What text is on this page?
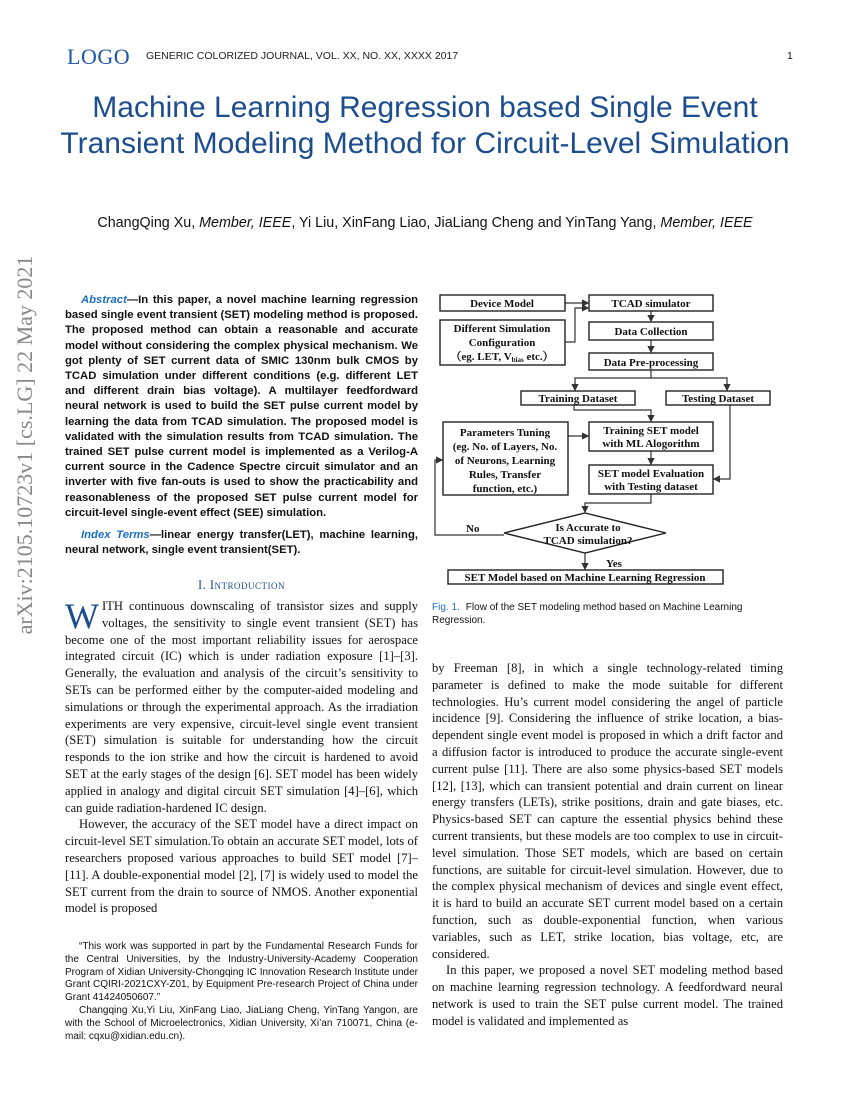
LOGO GENERIC COLORIZED JOURNAL, VOL. XX, NO. XX, XXXX 2017	1
Machine Learning Regression based Single Event Transient Modeling Method for Circuit-Level Simulation
ChangQing Xu, Member, IEEE, Yi Liu, XinFang Liao, JiaLiang Cheng and YinTang Yang, Member, IEEE
arXiv:2105.10723v1 [cs.LG] 22 May 2021	Abstract—In this paper, a novel machine learning regression based single event transient (SET) modeling method is proposed. The proposed method can obtain a reasonable and accurate model without considering the complex physical mechanism. We got plenty of SET current data of SMIC 130nm bulk CMOS by TCAD simulation under different conditions (e.g. different LET and different drain bias voltage). A multilayer feedfordward neural network is used to build the SET pulse current model by learning the data from TCAD simulation. The proposed model is validated with the simulation results from TCAD simulation. The trained SET pulse current model is implemented as a Verilog-A current source in the Cadence Spectre circuit simulator and an inverter with five fan-outs is used to show the practicability and reasonableness of the proposed SET pulse current model for circuit-level single-event effect (SEE) simulation.

Index Terms—linear energy transfer(LET), machine learning, neural network, single event transient(SET).
I. Introduction

WITH continuous downscaling of transistor sizes and supply voltages, the sensitivity to single event transient (SET) has become one of the most important reliability issues for aerospace integrated circuit (IC) which is under radiation exposure [1]–[3]. Generally, the evaluation and analysis of the circuit’s sensitivity to SETs can be performed either by the computer-aided modeling and simulations or through the experimental approach. As the irradiation experiments are very expensive, circuit-level single event transient (SET) simulation is suitable for understanding how the circuit responds to the ion strike and how the circuit is hardened to avoid SET at the early stages of the design [6]. SET model has been widely applied in analogy and digital circuit SET simulation [4]–[6], which can guide radiation-hardened IC design.

However, the accuracy of the SET model have a direct impact on circuit-level SET simulation.To obtain an accurate SET model, lots of researchers proposed various approaches to build SET model [7]–[11]. A double-exponential model [2], [7] is widely used to model the SET current from the drain to source of NMOS. Another exponential model is proposed

“This work was supported in part by the Fundamental Research Funds for the Central Universities, by the Industry-University-Academy Cooperation Program of Xidian University-Chongqing IC Innovation Research Institute under Grant CQIRI-2021CXY-Z01, by Equipment Pre-research Project of China under Grant 41424050607.”

Changqing Xu,Yi Liu, XinFang Liao, JiaLiang Cheng, YinTang Yangon, are with the School of Microelectronics, Xidian University, Xi’an 710071, China (e-mail: cqxu@xidian.edu.cn).

Device Model	TCAD simulator
Different Simulation
Configuration
（eg. LET, Vbias etc.）
Data Collection
Data Pre-processing
Training Dataset	Testing Dataset
Parameters Tuning
(eg. No. of Layers, No.
of Neurons, Learning
Rules, Transfer
function, etc.)
Training SET model
with ML Alogorithm
SET model Evaluation
with Testing dataset
Is Accurate to
TCAD simulation?
No
Yes
SET Model based on Machine Learning Regression
Fig. 1. Flow of the SET modeling method based on Machine Learning Regression.

by Freeman [8], in which a single technology-related timing parameter is defined to make the mode suitable for different technologies. Hu’s current model considering the angel of particle incidence [9]. Considering the influence of strike location, a bias-dependent single event model is proposed in which a drift factor and a diffusion factor is introduced to produce the accurate single-event current pulse [11]. There are also some physics-based SET models [12], [13], which can transient potential and drain current on linear energy transfers (LETs), strike positions, drain and gate biases, etc. Physics-based SET can capture the essential physics behind these current transients, but these models are too complex to use in circuit-level simulation. Those SET models, which are based on certain functions, are suitable for circuit-level simulation. However, due to the complex physical mechanism of devices and single event effect, it is hard to build an accurate SET current model based on a certain function, such as double-exponential function, when various variables, such as LET, strike location, bias voltage, etc, are considered.

In this paper, we proposed a novel SET modeling method based on machine learning regression technology. A feedfordward neural network is used to train the SET pulse current model. The trained model is validated and implemented as
